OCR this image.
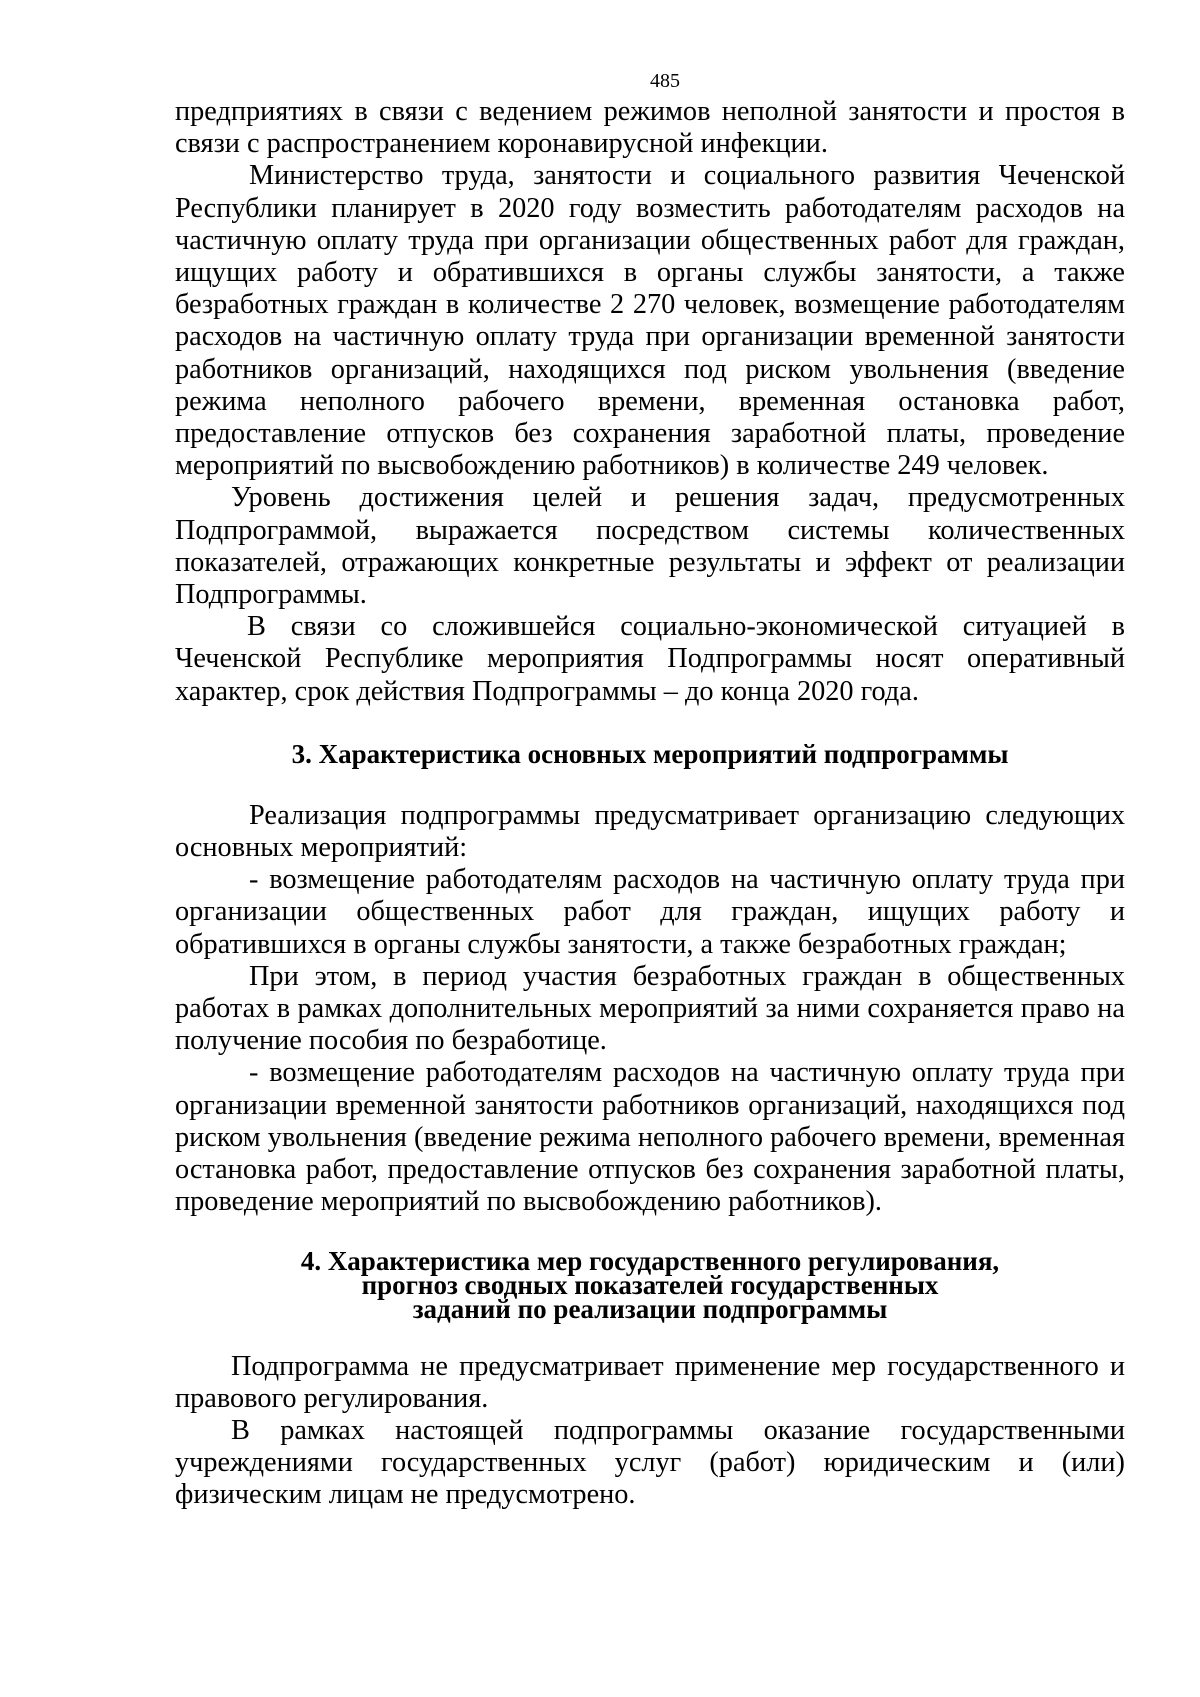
485

предприятиях в связи с ведением режимов неполной занятости и простоя в связи с распространением коронавирусной инфекции.

Министерство труда, занятости и социального развития Чеченской Республики планирует в 2020 году возместить работодателям расходов на частичную оплату труда при организации общественных работ для граждан, ищущих работу и обратившихся в органы службы занятости, а также безработных граждан в количестве 2 270 человек, возмещение работодателям расходов на частичную оплату труда при организации временной занятости работников организаций, находящихся под риском увольнения (введение режима неполного рабочего времени, временная остановка работ, предоставление отпусков без сохранения заработной платы, проведение мероприятий по высвобождению работников) в количестве 249 человек.

Уровень достижения целей и решения задач, предусмотренных Подпрограммой, выражается посредством системы количественных показателей, отражающих конкретные результаты и эффект от реализации Подпрограммы.

В связи со сложившейся социально-экономической ситуацией в Чеченской Республике мероприятия Подпрограммы носят оперативный характер, срок действия Подпрограммы – до конца 2020 года.

3. Характеристика основных мероприятий подпрограммы

Реализация подпрограммы предусматривает организацию следующих основных мероприятий:

- возмещение работодателям расходов на частичную оплату труда при организации общественных работ для граждан, ищущих работу и обратившихся в органы службы занятости, а также безработных граждан;

При этом, в период участия безработных граждан в общественных работах в рамках дополнительных мероприятий за ними сохраняется право на получение пособия по безработице.

- возмещение работодателям расходов на частичную оплату труда при организации временной занятости работников организаций, находящихся под риском увольнения (введение режима неполного рабочего времени, временная остановка работ, предоставление отпусков без сохранения заработной платы, проведение мероприятий по высвобождению работников).

4. Характеристика мер государственного регулирования,
прогноз сводных показателей государственных
заданий по реализации подпрограммы

Подпрограмма не предусматривает применение мер государственного и правового регулирования.

В рамках настоящей подпрограммы оказание государственными учреждениями государственных услуг (работ) юридическим и (или) физическим лицам не предусмотрено.
